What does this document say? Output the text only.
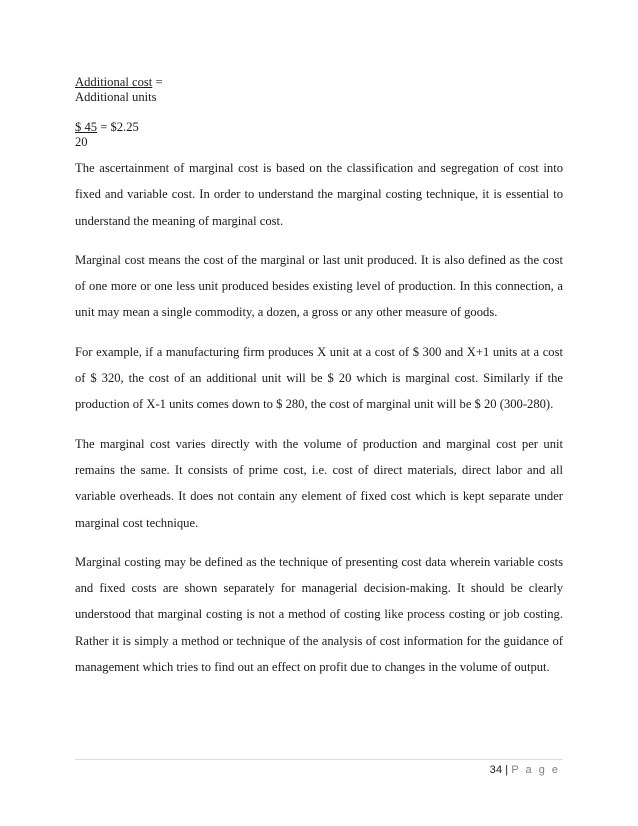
Additional cost =
Additional units
$ 45 = $2.25
20

The ascertainment of marginal cost is based on the classification and segregation of cost into fixed and variable cost. In order to understand the marginal costing technique, it is essential to understand the meaning of marginal cost.

Marginal cost means the cost of the marginal or last unit produced. It is also defined as the cost of one more or one less unit produced besides existing level of production. In this connection, a unit may mean a single commodity, a dozen, a gross or any other measure of goods.

For example, if a manufacturing firm produces X unit at a cost of $ 300 and X+1 units at a cost of $ 320, the cost of an additional unit will be $ 20 which is marginal cost. Similarly if the production of X-1 units comes down to $ 280, the cost of marginal unit will be $ 20 (300-280).

The marginal cost varies directly with the volume of production and marginal cost per unit remains the same. It consists of prime cost, i.e. cost of direct materials, direct labor and all variable overheads. It does not contain any element of fixed cost which is kept separate under marginal cost technique.

Marginal costing may be defined as the technique of presenting cost data wherein variable costs and fixed costs are shown separately for managerial decision-making. It should be clearly understood that marginal costing is not a method of costing like process costing or job costing. Rather it is simply a method or technique of the analysis of cost information for the guidance of management which tries to find out an effect on profit due to changes in the volume of output.

34 | P a g e
